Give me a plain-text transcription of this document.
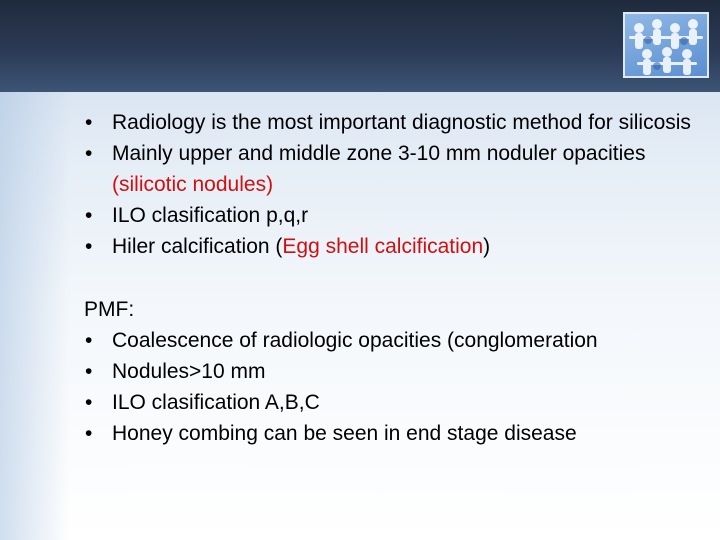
• Radiology is the most important diagnostic method for silicosis
• Mainly upper and middle zone 3-10 mm noduler opacities (silicotic nodules)
• ILO clasification p,q,r
• Hiler calcification (Egg shell calcification)
PMF:
• Coalescence of radiologic opacities (conglomeration
• Nodules>10 mm
• ILO clasification A,B,C
• Honey combing can be seen in end stage disease
